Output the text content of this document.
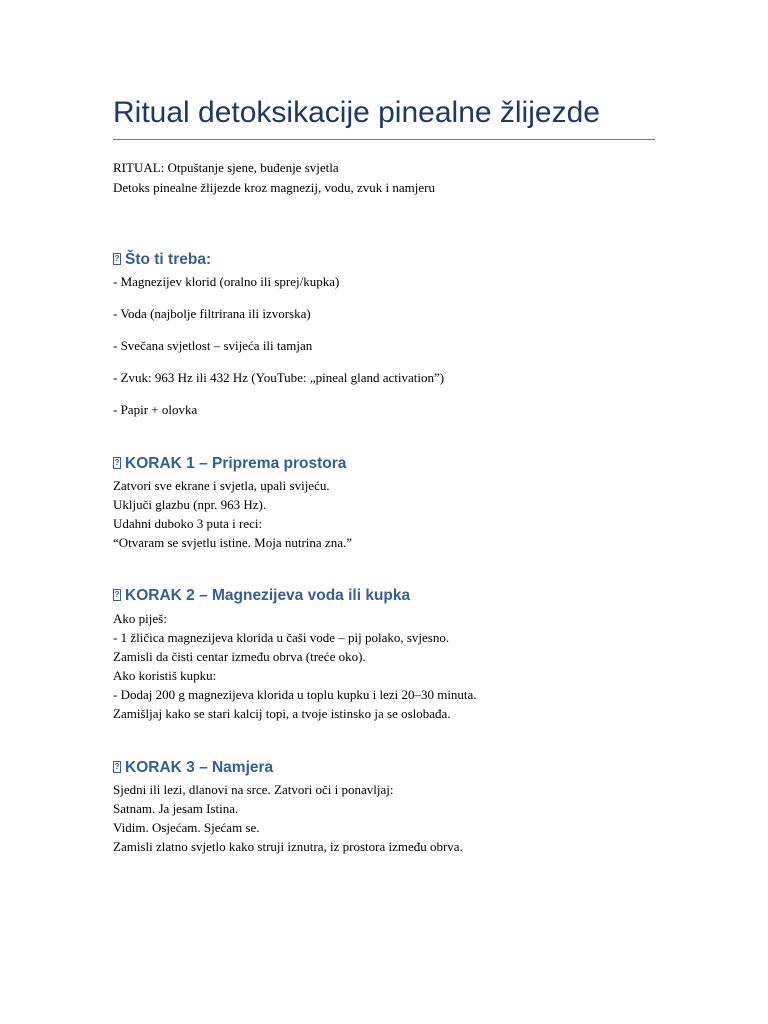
Ritual detoksikacije pinealne žlijezde
RITUAL: Otpuštanje sjene, buđenje svjetla
Detoks pinealne žlijezde kroz magnezij, vodu, zvuk i namjeru
?Što ti treba:
- Magnezijev klorid (oralno ili sprej/kupka)
- Voda (najbolje filtrirana ili izvorska)
- Svečana svjetlost – svijeća ili tamjan
- Zvuk: 963 Hz ili 432 Hz (YouTube: „pineal gland activation”)
- Papir + olovka
?KORAK 1 – Priprema prostora
Zatvori sve ekrane i svjetla, upali svijeću.
Uključi glazbu (npr. 963 Hz).
Udahni duboko 3 puta i reci:
“Otvaram se svjetlu istine. Moja nutrina zna.”
?KORAK 2 – Magnezijeva voda ili kupka
Ako piješ:
- 1 žličica magnezijeva klorida u čaši vode – pij polako, svjesno.
Zamisli da čisti centar između obrva (treće oko).
Ako koristiš kupku:
- Dodaj 200 g magnezijeva klorida u toplu kupku i lezi 20–30 minuta.
Zamišljaj kako se stari kalcij topi, a tvoje istinsko ja se oslobađa.
?KORAK 3 – Namjera
Sjedni ili lezi, dlanovi na srce. Zatvori oči i ponavljaj:
Satnam. Ja jesam Istina.
Vidim. Osjećam. Sjećam se.
Zamisli zlatno svjetlo kako struji iznutra, iz prostora između obrva.
